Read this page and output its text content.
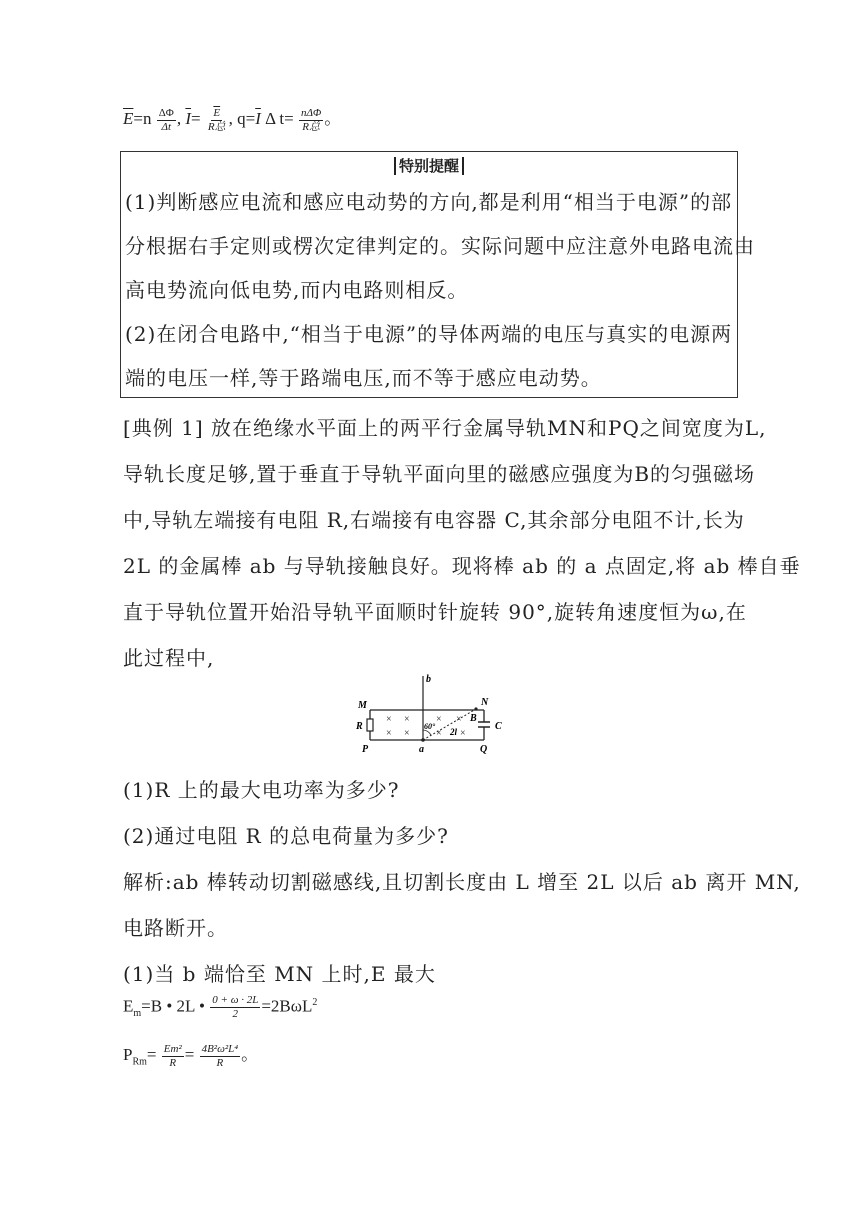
$\overline{E}=n \frac{\Delta\Phi}{\Delta t}$ , $\overline{I}= \frac{\overline{E}}{\text{R总}}$ , $q=\overline{I}$ Δ $t= \frac{\text{nΔΦ}}{\text{R总}}$ 。
特别提醒
(1)判断感应电流和感应电动势的方向,都是利用“相当于电源”的部
分根据右手定则或楞次定律判定的。实际问题中应注意外电路电流由
高电势流向低电势,而内电路则相反。
(2)在闭合电路中,“相当于电源”的导体两端的电压与真实的电源两
端的电压一样,等于路端电压,而不等于感应电动势。
[典例 1] 放在绝缘水平面上的两平行金属导轨MN和PQ之间宽度为L,
导轨长度足够,置于垂直于导轨平面向里的磁感应强度为B的匀强磁场
中,导轨左端接有电阻 R,右端接有电容器 C,其余部分电阻不计,长为
2L 的金属棒 ab 与导轨接触良好。现将棒 ab 的 a 点固定,将 ab 棒自垂
直于导轨位置开始沿导轨平面顺时针旋转 90°,旋转角速度恒为ω,在
此过程中,
× ×
× ×
× ×
× ×
b
M	N
R
P	a	Q
B
C
60°
2l
(1)R 上的最大电功率为多少?
(2)通过电阻 R 的总电荷量为多少?
解析:ab 棒转动切割磁感线,且切割长度由 L 增至 2L 以后 ab 离开 MN,
电路断开。
(1)当 b 端恰至 MN 上时,E 最大
$E_m=B$ • 2L • $\frac{0 + \omega \cdot 2L}{2} =2B\omega L^2$
$P_{Rm}= \frac{\text{Em²}}{R} = \frac{\text{4B²ω²L⁴}}{R}$ 。
